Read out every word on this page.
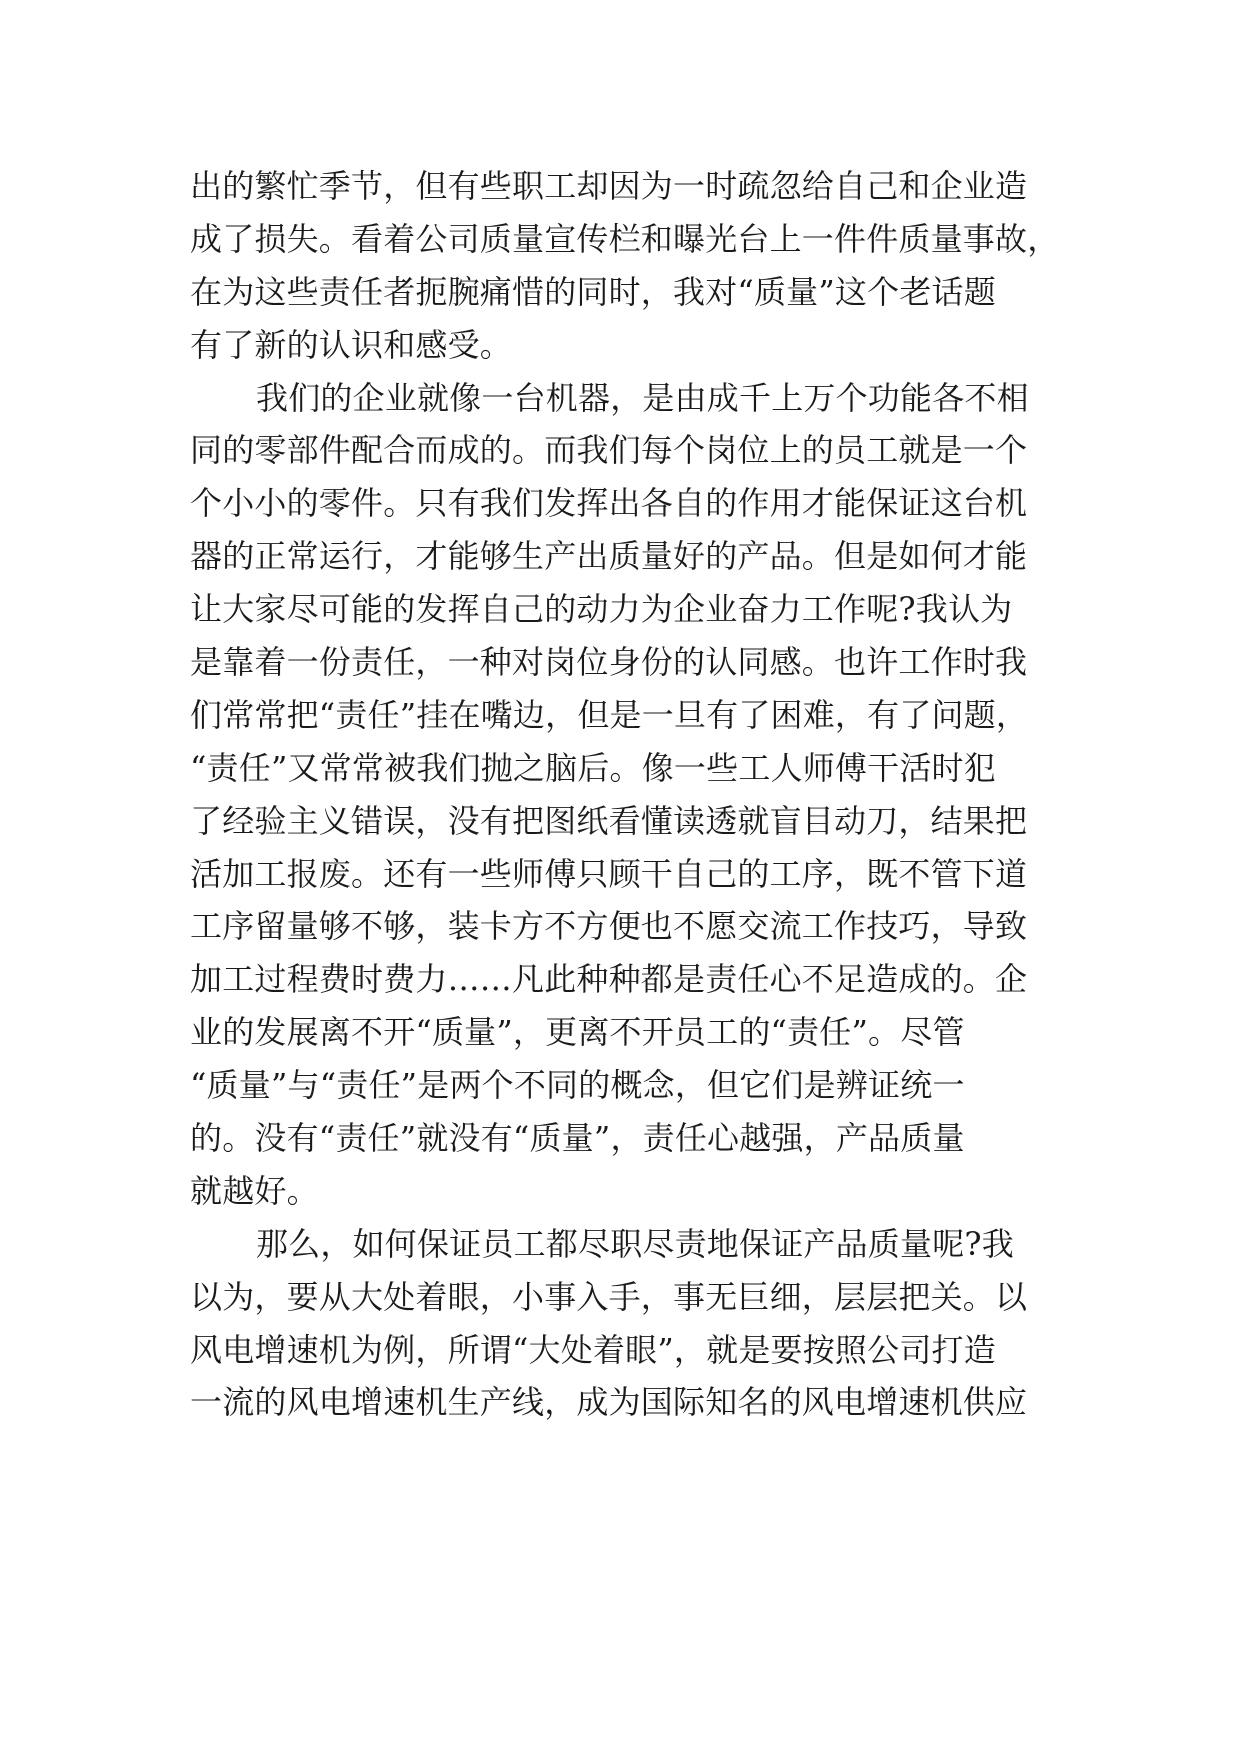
出的繁忙季节，但有些职工却因为一时疏忽给自己和企业造
成了损失。看着公司质量宣传栏和曝光台上一件件质量事故，
在为这些责任者扼腕痛惜的同时，我对“质量”这个老话题
有了新的认识和感受。
我们的企业就像一台机器，是由成千上万个功能各不相
同的零部件配合而成的。而我们每个岗位上的员工就是一个
个小小的零件。只有我们发挥出各自的作用才能保证这台机
器的正常运行，才能够生产出质量好的产品。但是如何才能
让大家尽可能的发挥自己的动力为企业奋力工作呢?我认为
是靠着一份责任，一种对岗位身份的认同感。也许工作时我
们常常把“责任”挂在嘴边，但是一旦有了困难，有了问题，
“责任”又常常被我们抛之脑后。像一些工人师傅干活时犯
了经验主义错误，没有把图纸看懂读透就盲目动刀，结果把
活加工报废。还有一些师傅只顾干自己的工序，既不管下道
工序留量够不够，装卡方不方便也不愿交流工作技巧，导致
加工过程费时费力……凡此种种都是责任心不足造成的。企
业的发展离不开“质量”，更离不开员工的“责任”。尽管
“质量”与“责任”是两个不同的概念，但它们是辨证统一
的。没有“责任”就没有“质量”，责任心越强，产品质量
就越好。
那么，如何保证员工都尽职尽责地保证产品质量呢?我
以为，要从大处着眼，小事入手，事无巨细，层层把关。以
风电增速机为例，所谓“大处着眼”，就是要按照公司打造
一流的风电增速机生产线，成为国际知名的风电增速机供应
